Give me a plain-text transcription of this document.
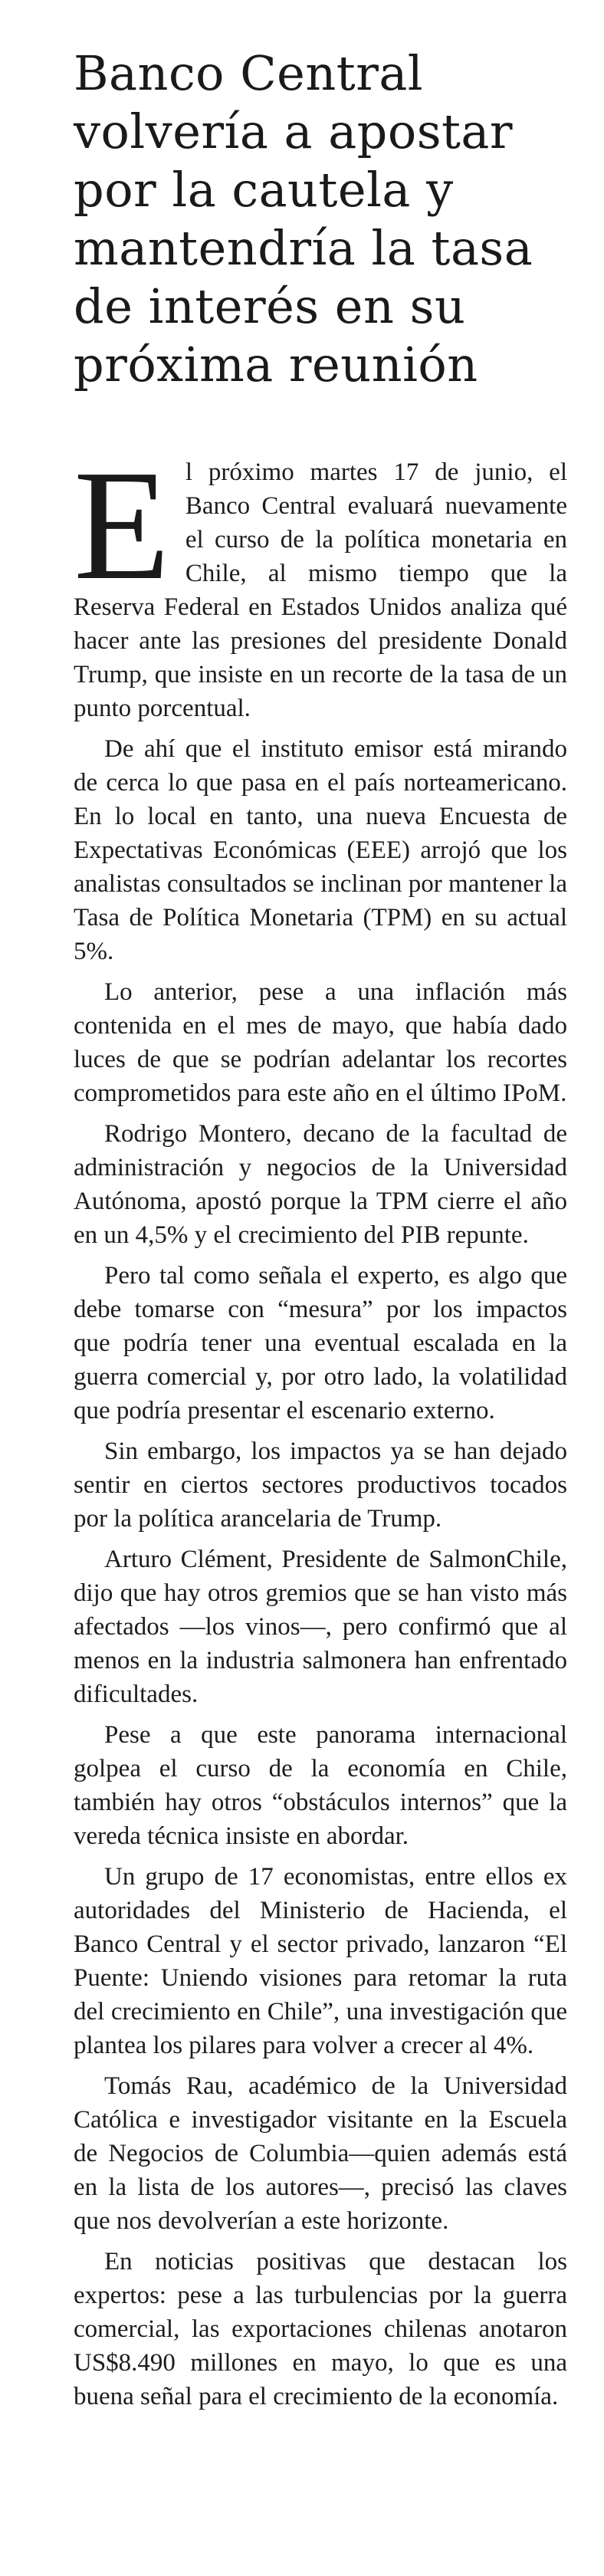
Banco Central volvería a apostar por la cautela y mantendría la tasa de interés en su próxima reunión

El próximo martes 17 de junio, el Banco Central evaluará nuevamente el curso de la política monetaria en Chile, al mismo tiempo que la Reserva Federal en Estados Unidos analiza qué hacer ante las presiones del presidente Donald Trump, que insiste en un recorte de la tasa de un punto porcentual.

De ahí que el instituto emisor está mirando de cerca lo que pasa en el país norteamericano. En lo local en tanto, una nueva Encuesta de Expectativas Económicas (EEE) arrojó que los analistas consultados se inclinan por mantener la Tasa de Política Monetaria (TPM) en su actual 5%.

Lo anterior, pese a una inflación más contenida en el mes de mayo, que había dado luces de que se podrían adelantar los recortes comprometidos para este año en el último IPoM.

Rodrigo Montero, decano de la facultad de administración y negocios de la Universidad Autónoma, apostó porque la TPM cierre el año en un 4,5% y el crecimiento del PIB repunte.

Pero tal como señala el experto, es algo que debe tomarse con “mesura” por los impactos que podría tener una eventual escalada en la guerra comercial y, por otro lado, la volatilidad que podría presentar el escenario externo.

Sin embargo, los impactos ya se han dejado sentir en ciertos sectores productivos tocados por la política arancelaria de Trump.

Arturo Clément, Presidente de SalmonChile, dijo que hay otros gremios que se han visto más afectados —los vinos—, pero confirmó que al menos en la industria salmonera han enfrentado dificultades.

Pese a que este panorama internacional golpea el curso de la economía en Chile, también hay otros “obstáculos internos” que la vereda técnica insiste en abordar.

Un grupo de 17 economistas, entre ellos ex autoridades del Ministerio de Hacienda, el Banco Central y el sector privado, lanzaron “El Puente: Uniendo visiones para retomar la ruta del crecimiento en Chile”, una investigación que plantea los pilares para volver a crecer al 4%.

Tomás Rau, académico de la Universidad Católica e investigador visitante en la Escuela de Negocios de Columbia—quien además está en la lista de los autores—, precisó las claves que nos devolverían a este horizonte.

En noticias positivas que destacan los expertos: pese a las turbulencias por la guerra comercial, las exportaciones chilenas anotaron US$8.490 millones en mayo, lo que es una buena señal para el crecimiento de la economía.
